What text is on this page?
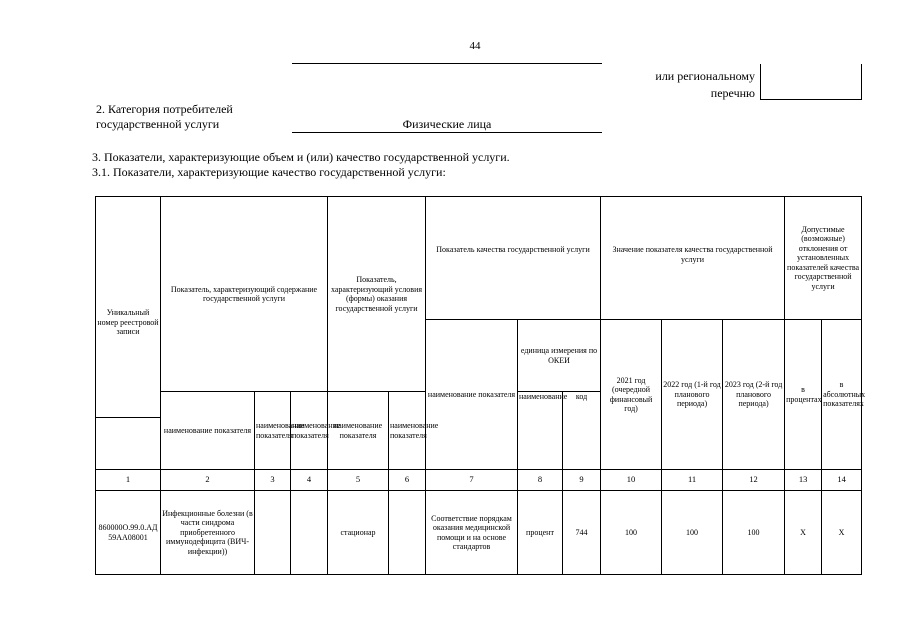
44
или региональному
перечню
2. Категория потребителей
государственной услуги	Физические лица
3. Показатели, характеризующие объем и (или) качество государственной услуги.
3.1. Показатели, характеризующие качество государственной услуги:
Уникальный номер реестровой записи	Показатель, характеризующий содержание государственной услуги			Показатель, характеризующий условия (формы) оказания государственной услуги		Показатель качества государственной услуги			Значение показателя качества государственной услуги			Допустимые (возможные) отклонения от установленных показателей качества государственной услуги	
						наименование показателя	единица измерения по ОКЕИ		2021 год (очередной финансовый год)	2022 год (1-й год планового периода)	2023 год (2-й год планового периода)	в процентах	в абсолютных показателях
	наименование показателя	наименование показателя	наименование показателя	наименование показателя	наименование показателя		наименование	код					

1	2	3	4	5	6	7	8	9	10	11	12	13	14
860000О.99.0.АД59АА08001	Инфекционные болезни (в части синдрома приобретенного иммунодефицита (ВИЧ-инфекции))			стационар		Соответствие порядкам оказания медицинской помощи и на основе стандартов	процент	744	100	100	100	Х	Х
